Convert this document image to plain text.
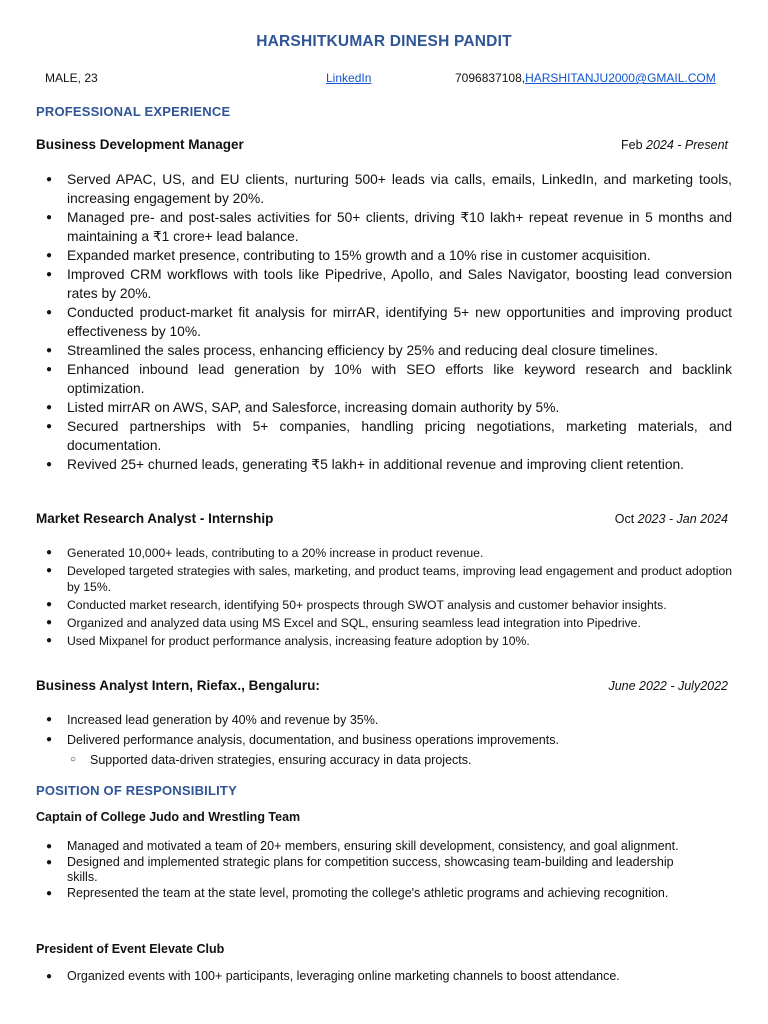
HARSHITKUMAR DINESH PANDIT
MALE, 23	LinkedIn	7096837108,HARSHITANJU2000@GMAIL.COM
PROFESSIONAL EXPERIENCE
Business Development Manager	Feb 2024 - Present
● Served APAC, US, and EU clients, nurturing 500+ leads via calls, emails, LinkedIn, and marketing tools, increasing engagement by 20%.
● Managed pre- and post-sales activities for 50+ clients, driving ₹10 lakh+ repeat revenue in 5 months and maintaining a ₹1 crore+ lead balance.
● Expanded market presence, contributing to 15% growth and a 10% rise in customer acquisition.
● Improved CRM workflows with tools like Pipedrive, Apollo, and Sales Navigator, boosting lead conversion rates by 20%.
● Conducted product-market fit analysis for mirrAR, identifying 5+ new opportunities and improving product effectiveness by 10%.
● Streamlined the sales process, enhancing efficiency by 25% and reducing deal closure timelines.
● Enhanced inbound lead generation by 10% with SEO efforts like keyword research and backlink optimization.
● Listed mirrAR on AWS, SAP, and Salesforce, increasing domain authority by 5%.
● Secured partnerships with 5+ companies, handling pricing negotiations, marketing materials, and documentation.
● Revived 25+ churned leads, generating ₹5 lakh+ in additional revenue and improving client retention.
Market Research Analyst - Internship	Oct 2023 - Jan 2024
● Generated 10,000+ leads, contributing to a 20% increase in product revenue.
● Developed targeted strategies with sales, marketing, and product teams, improving lead engagement and product adoption by 15%.
● Conducted market research, identifying 50+ prospects through SWOT analysis and customer behavior insights.
● Organized and analyzed data using MS Excel and SQL, ensuring seamless lead integration into Pipedrive.
● Used Mixpanel for product performance analysis, increasing feature adoption by 10%.
Business Analyst Intern, Riefax., Bengaluru:	June 2022 - July2022
● Increased lead generation by 40% and revenue by 35%.
● Delivered performance analysis, documentation, and business operations improvements.
○ Supported data-driven strategies, ensuring accuracy in data projects.
POSITION OF RESPONSIBILITY
Captain of College Judo and Wrestling Team
● Managed and motivated a team of 20+ members, ensuring skill development, consistency, and goal alignment.
● Designed and implemented strategic plans for competition success, showcasing team-building and leadership skills.
● Represented the team at the state level, promoting the college's athletic programs and achieving recognition.
President of Event Elevate Club
● Organized events with 100+ participants, leveraging online marketing channels to boost attendance.
